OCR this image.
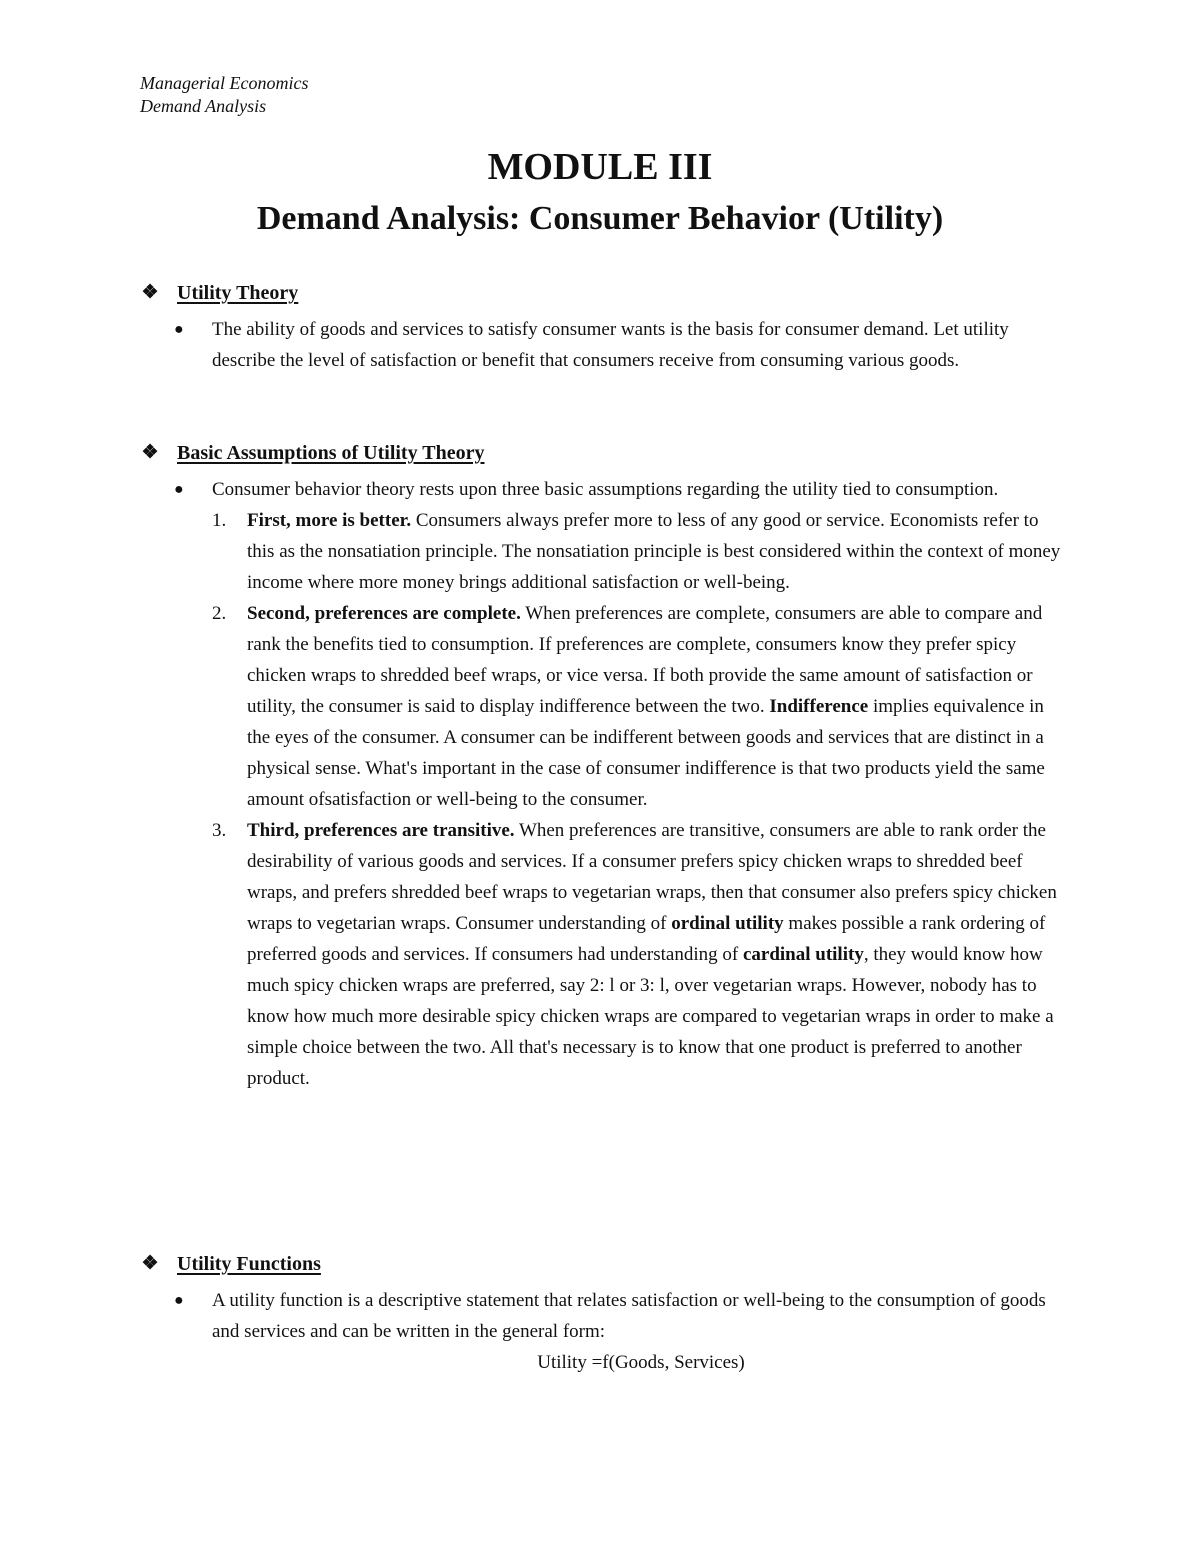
Managerial Economics
Demand Analysis
MODULE III
Demand Analysis: Consumer Behavior (Utility)
❖ Utility Theory
● The ability of goods and services to satisfy consumer wants is the basis for consumer demand. Let utility describe the level of satisfaction or benefit that consumers receive from consuming various goods.
❖ Basic Assumptions of Utility Theory
● Consumer behavior theory rests upon three basic assumptions regarding the utility tied to consumption.
1.	First, more is better. Consumers always prefer more to less of any good or service. Economists refer to this as the nonsatiation principle. The nonsatiation principle is best considered within the context of money income where more money brings additional satisfaction or well-being.
2.	Second, preferences are complete. When preferences are complete, consumers are able to compare and rank the benefits tied to consumption. If preferences are complete, consumers know they prefer spicy chicken wraps to shredded beef wraps, or vice versa. If both provide the same amount of satisfaction or utility, the consumer is said to display indifference between the two. Indifference implies equivalence in the eyes of the consumer. A consumer can be indifferent between goods and services that are distinct in a physical sense. What's important in the case of consumer indifference is that two products yield the same amount ofsatisfaction or well-being to the consumer.
3.	Third, preferences are transitive. When preferences are transitive, consumers are able to rank order the desirability of various goods and services. If a consumer prefers spicy chicken wraps to shredded beef wraps, and prefers shredded beef wraps to vegetarian wraps, then that consumer also prefers spicy chicken wraps to vegetarian wraps. Consumer understanding of ordinal utility makes possible a rank ordering of preferred goods and services. If consumers had understanding of cardinal utility, they would know how much spicy chicken wraps are preferred, say 2: l or 3: l, over vegetarian wraps. However, nobody has to know how much more desirable spicy chicken wraps are compared to vegetarian wraps in order to make a simple choice between the two. All that's necessary is to know that one product is preferred to another product.
❖ Utility Functions
● A utility function is a descriptive statement that relates satisfaction or well-being to the consumption of goods and services and can be written in the general form:
Utility =f(Goods, Services)
